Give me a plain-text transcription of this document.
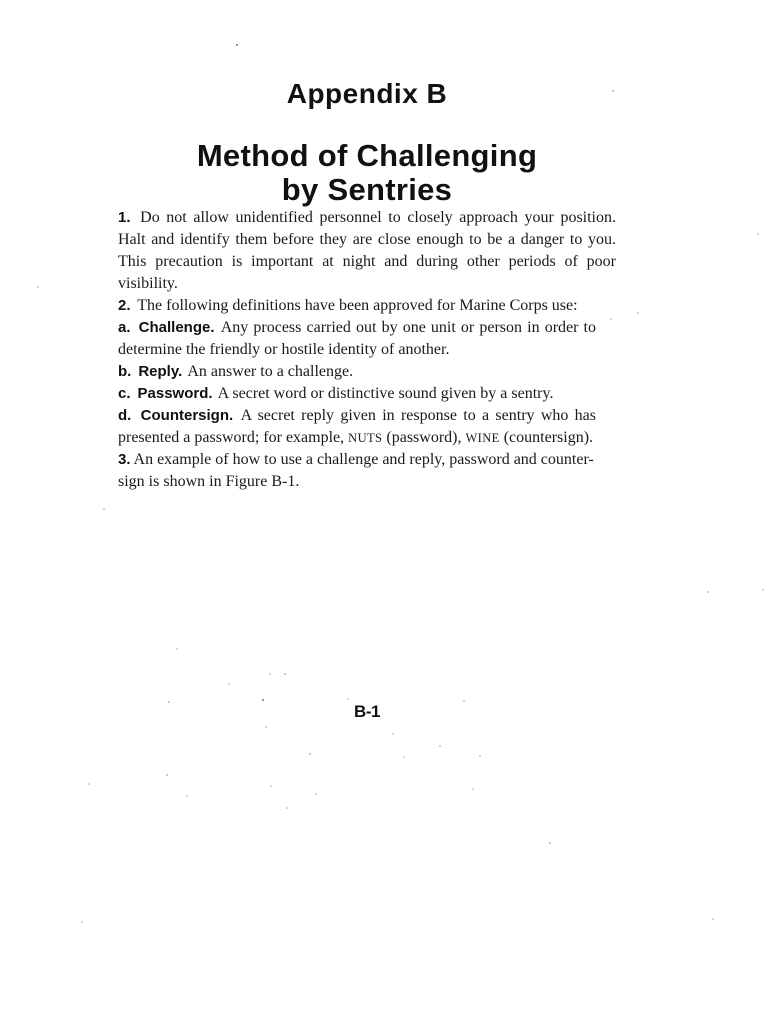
Appendix B
Method of Challenging
by Sentries

1. Do not allow unidentified personnel to closely approach your position. Halt and identify them before they are close enough to be a danger to you. This precaution is important at night and during other periods of poor visibility.

2. The following definitions have been approved for Marine Corps use:

a. Challenge. Any process carried out by one unit or person in order to determine the friendly or hostile identity of another.

b. Reply. An answer to a challenge.

c. Password. A secret word or distinctive sound given by a sentry.

d. Countersign. A secret reply given in response to a sentry who has presented a password; for example, NUTS (password), WINE (countersign).

3. An example of how to use a challenge and reply, password and counter-
sign is shown in Figure B-1.

B-1
